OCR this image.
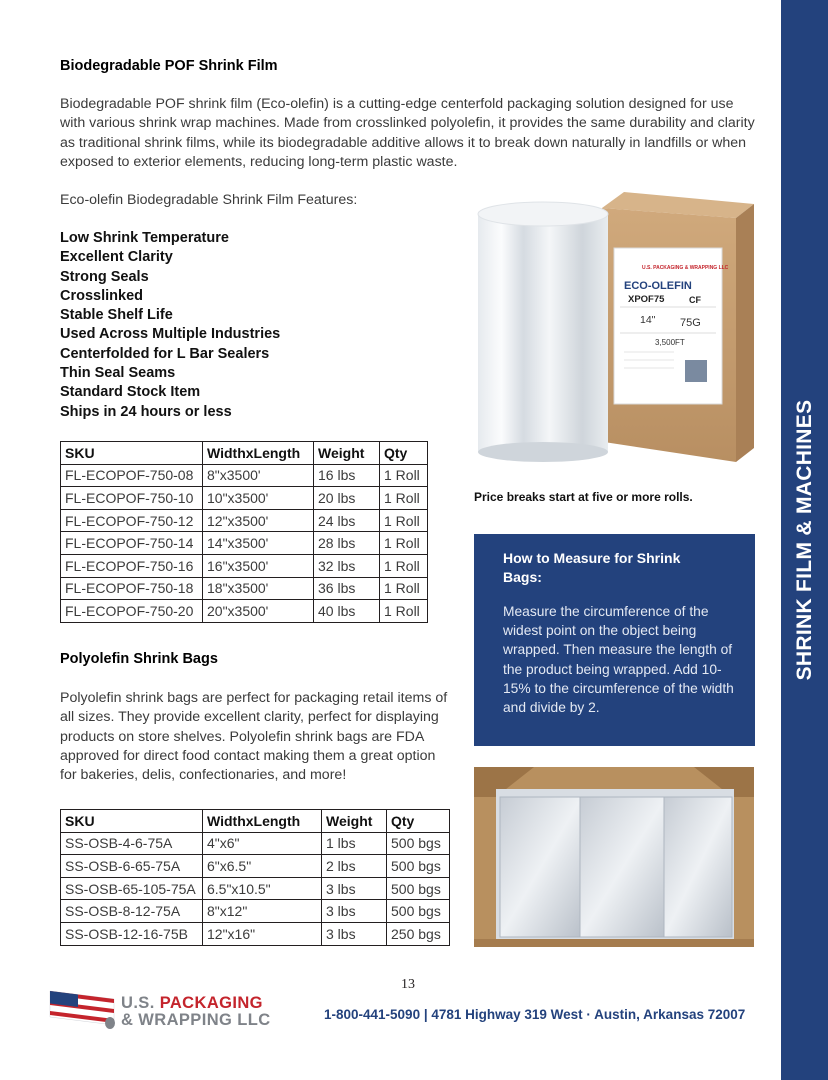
SHRINK FILM & MACHINES
Biodegradable POF Shrink Film

Biodegradable POF shrink film (Eco-olefin) is a cutting-edge centerfold packaging solution designed for use with various shrink wrap machines. Made from crosslinked polyolefin, it provides the same durability and clarity as traditional shrink films, while its biodegradable additive allows it to break down naturally in landfills or when exposed to exterior elements, reducing long-term plastic waste.

Eco-olefin Biodegradable Shrink Film Features:

Low Shrink Temperature
Excellent Clarity
Strong Seals
Crosslinked
Stable Shelf Life
Used Across Multiple Industries
Centerfolded for L Bar Sealers
Thin Seal Seams
Standard Stock Item
Ships in 24 hours or less
SKU	WidthxLength	Weight	Qty
FL-ECOPOF-750-08	8"x3500'	16 lbs	1 Roll
FL-ECOPOF-750-10	10"x3500'	20 lbs	1 Roll
FL-ECOPOF-750-12	12"x3500'	24 lbs	1 Roll
FL-ECOPOF-750-14	14"x3500'	28 lbs	1 Roll
FL-ECOPOF-750-16	16"x3500'	32 lbs	1 Roll
FL-ECOPOF-750-18	18"x3500'	36 lbs	1 Roll
FL-ECOPOF-750-20	20"x3500'	40 lbs	1 Roll
U.S. PACKAGING & WRAPPING LLC
ECO-OLEFIN
XPOF75	CF
14" 75G
3,500FT

Price breaks start at five or more rolls.

How to Measure for Shrink Bags:

Measure the circumference of the widest point on the object being wrapped. Then measure the length of the product being wrapped. Add 10-15% to the circumference of the width and divide by 2.

Polyolefin Shrink Bags

Polyolefin shrink bags are perfect for packaging retail items of all sizes. They provide excellent clarity, perfect for displaying products on store shelves. Polyolefin shrink bags are FDA approved for direct food contact making them a great option for bakeries, delis, confectionaries, and more!

SKU	WidthxLength	Weight	Qty
SS-OSB-4-6-75A	4"x6"	1 lbs	500 bgs
SS-OSB-6-65-75A	6"x6.5"	2 lbs	500 bgs
SS-OSB-65-105-75A	6.5"x10.5"	3 lbs	500 bgs
SS-OSB-8-12-75A	8"x12"	3 lbs	500 bgs
SS-OSB-12-16-75B	12"x16"	3 lbs	250 bgs
13
U.S. PACKAGING
& WRAPPING LLC	1-800-441-5090 | 4781 Highway 319 West · Austin, Arkansas 72007
